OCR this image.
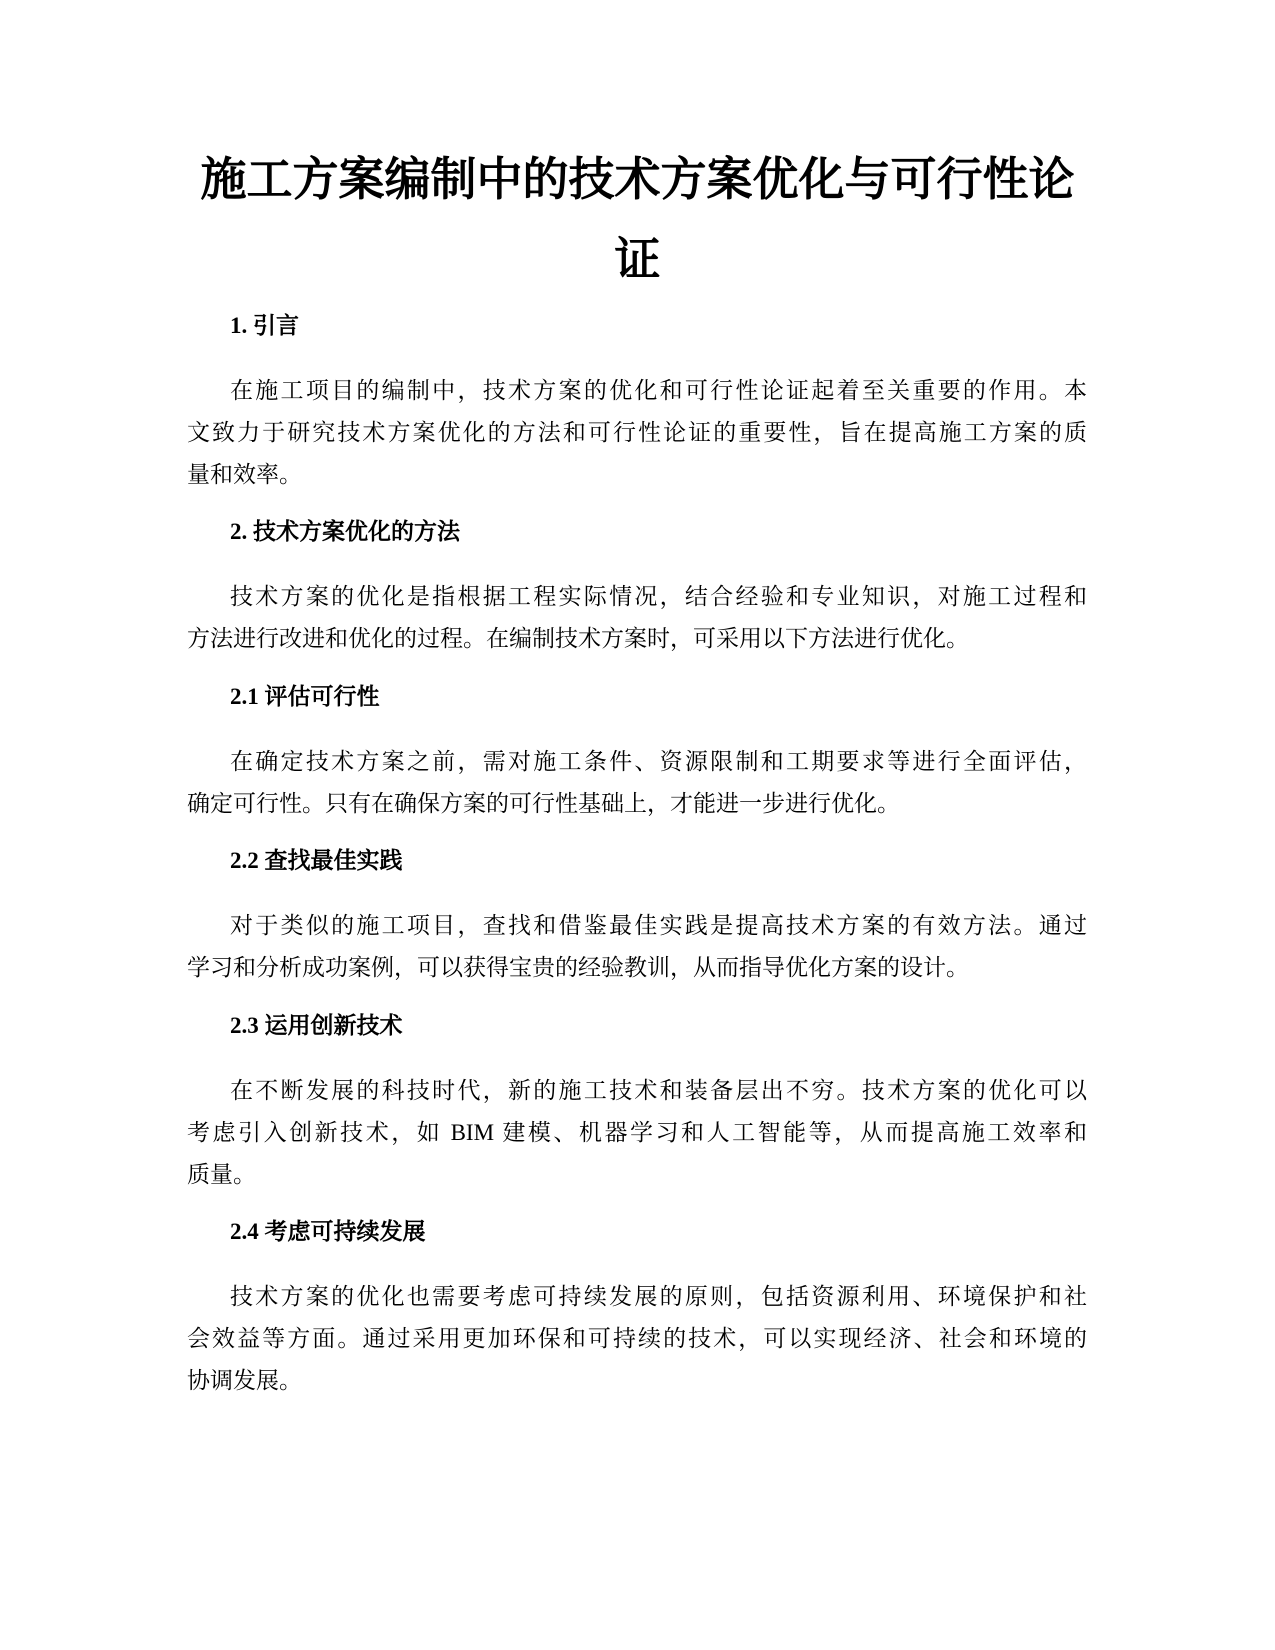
施工方案编制中的技术方案优化与可行性论
证
1. 引言
在施工项目的编制中，技术方案的优化和可行性论证起着至关重要的作用。本
文致力于研究技术方案优化的方法和可行性论证的重要性，旨在提高施工方案的质
量和效率。
2. 技术方案优化的方法
技术方案的优化是指根据工程实际情况，结合经验和专业知识，对施工过程和
方法进行改进和优化的过程。在编制技术方案时，可采用以下方法进行优化。
2.1 评估可行性
在确定技术方案之前，需对施工条件、资源限制和工期要求等进行全面评估，
确定可行性。只有在确保方案的可行性基础上，才能进一步进行优化。
2.2 查找最佳实践
对于类似的施工项目，查找和借鉴最佳实践是提高技术方案的有效方法。通过
学习和分析成功案例，可以获得宝贵的经验教训，从而指导优化方案的设计。
2.3 运用创新技术
在不断发展的科技时代，新的施工技术和装备层出不穷。技术方案的优化可以
考虑引入创新技术，如 BIM 建模、机器学习和人工智能等，从而提高施工效率和
质量。
2.4 考虑可持续发展
技术方案的优化也需要考虑可持续发展的原则，包括资源利用、环境保护和社
会效益等方面。通过采用更加环保和可持续的技术，可以实现经济、社会和环境的
协调发展。
